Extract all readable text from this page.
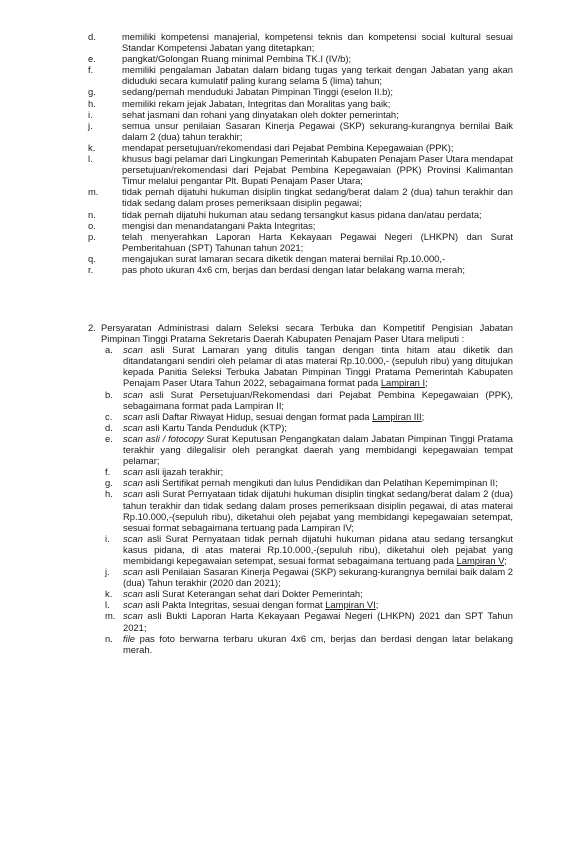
d.	memiliki kompetensi manajerial, kompetensi teknis dan kompetensi social kultural sesuai Standar Kompetensi Jabatan yang ditetapkan;
e.	pangkat/Golongan Ruang minimal Pembina TK.I (IV/b);
f.	memiliki pengalaman Jabatan dalam bidang tugas yang terkait dengan Jabatan yang akan diduduki secara kumulatif paling kurang selama 5 (lima) tahun;
g.	sedang/pernah menduduki Jabatan Pimpinan Tinggi (eselon II.b);
h.	memiliki rekam jejak Jabatan, Integritas dan Moralitas yang baik;
i.	sehat jasmani dan rohani yang dinyatakan oleh dokter pemerintah;
j.	semua unsur penilaian Sasaran Kinerja Pegawai (SKP) sekurang-kurangnya bernilai Baik dalam 2 (dua) tahun terakhir;
k.	mendapat persetujuan/rekomendasi dari Pejabat Pembina Kepegawaian (PPK);
l.	khusus bagi pelamar dari Lingkungan Pemerintah Kabupaten Penajam Paser Utara mendapat persetujuan/rekomendasi dari Pejabat Pembina Kepegawaian (PPK) Provinsi Kalimantan Timur melalui pengantar Plt. Bupati Penajam Paser Utara;
m.	tidak pernah dijatuhi hukuman disiplin tingkat sedang/berat dalam 2 (dua) tahun terakhir dan tidak sedang dalam proses pemeriksaan disiplin pegawai;
n.	tidak pernah dijatuhi hukuman atau sedang tersangkut kasus pidana dan/atau perdata;
o.	mengisi dan menandatangani Pakta Integritas;
p.	telah menyerahkan Laporan Harta Kekayaan Pegawai Negeri (LHKPN) dan Surat Pemberitahuan (SPT) Tahunan tahun 2021;
q.	mengajukan surat lamaran secara diketik dengan materai bernilai Rp.10.000,-
r.	pas photo ukuran 4x6 cm, berjas dan berdasi dengan latar belakang warna merah;
2. Persyaratan Administrasi dalam Seleksi secara Terbuka dan Kompetitif Pengisian Jabatan Pimpinan Tinggi Pratama Sekretaris Daerah Kabupaten Penajam Paser Utara meliputi :
a.	scan asli Surat Lamaran yang ditulis tangan dengan tinta hitam atau diketik dan ditandatangani sendiri oleh pelamar di atas materai Rp.10.000,- (sepuluh ribu) yang ditujukan kepada Panitia Seleksi Terbuka Jabatan Pimpinan Tinggi Pratama Pemerintah Kabupaten Penajam Paser Utara Tahun 2022, sebagaimana format pada Lampiran I;
b.	scan asli Surat Persetujuan/Rekomendasi dari Pejabat Pembina Kepegawaian (PPK), sebagaimana format pada Lampiran II;
c.	scan asli Daftar Riwayat Hidup, sesuai dengan format pada Lampiran III;
d.	scan asli Kartu Tanda Penduduk (KTP);
e.	scan asli / fotocopy Surat Keputusan Pengangkatan dalam Jabatan Pimpinan Tinggi Pratama terakhir yang dilegalisir oleh perangkat daerah yang membidangi kepegawaian tempat pelamar;
f.	scan asli ijazah terakhir;
g.	scan asli Sertifikat pernah mengikuti dan lulus Pendidikan dan Pelatihan Kepemimpinan II;
h.	scan asli Surat Pernyataan tidak dijatuhi hukuman disiplin tingkat sedang/berat dalam 2 (dua) tahun terakhir dan tidak sedang dalam proses pemeriksaan disiplin pegawai, di atas materai Rp.10.000,-(sepuluh ribu), diketahui oleh pejabat yang membidangi kepegawaian setempat, sesuai format sebagaimana tertuang pada Lampiran IV;
i.	scan asli Surat Pernyataan tidak pernah dijatuhi hukuman pidana atau sedang tersangkut kasus pidana, di atas materai Rp.10.000,-(sepuluh ribu), diketahui oleh pejabat yang membidangi kepegawaian setempat, sesuai format sebagaimana tertuang pada Lampiran V;
j.	scan asli Penilaian Sasaran Kinerja Pegawai (SKP) sekurang-kurangnya bernilai baik dalam 2 (dua) Tahun terakhir (2020 dan 2021);
k.	scan asli Surat Keterangan sehat dari Dokter Pemerintah;
l.	scan asli Pakta Integritas, sesuai dengan format Lampiran VI;
m. scan asli Bukti Laporan Harta Kekayaan Pegawai Negeri (LHKPN) 2021 dan SPT Tahun 2021;
n.	file pas foto berwarna terbaru ukuran 4x6 cm, berjas dan berdasi dengan latar belakang merah.
